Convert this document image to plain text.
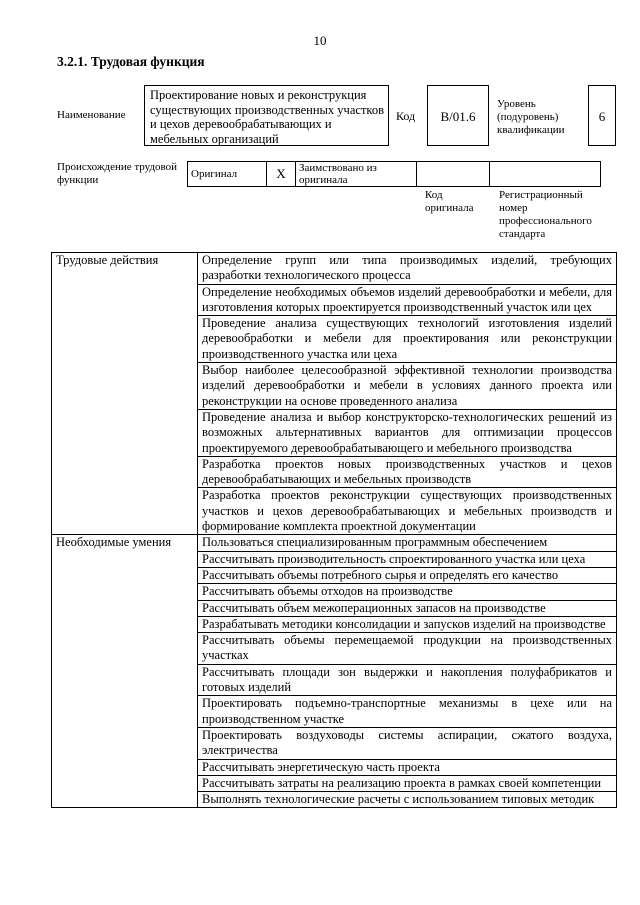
10
3.2.1. Трудовая функция
Наименование
Проектирование новых и реконструкция существующих производственных участков и цехов деревообрабатывающих и мебельных организаций
Код	B/01.6
Уровень (подуровень) квалификации
6
Происхождение трудовой функции	Оригинал	X	Заимствовано из оригинала		
Код оригинала
Регистрационный номер профессионального стандарта
Трудовые действия	Определение групп или типа производимых изделий, требующих разработки технологического процесса
	Определение необходимых объемов изделий деревообработки и мебели, для изготовления которых проектируется производственный участок или цех
	Проведение анализа существующих технологий изготовления изделий деревообработки и мебели для проектирования или реконструкции производственного участка или цеха
	Выбор наиболее целесообразной эффективной технологии производства изделий деревообработки и мебели в условиях данного проекта или реконструкции на основе проведенного анализа
	Проведение анализа и выбор конструкторско-технологических решений из возможных альтернативных вариантов для оптимизации процессов проектируемого деревообрабатывающего и мебельного производства
	Разработка проектов новых производственных участков и цехов деревообрабатывающих и мебельных производств
	Разработка проектов реконструкции существующих производственных участков и цехов деревообрабатывающих и мебельных производств и формирование комплекта проектной документации
Необходимые умения	Пользоваться специализированным программным обеспечением
	Рассчитывать производительность спроектированного участка или цеха
	Рассчитывать объемы потребного сырья и определять его качество
	Рассчитывать объемы отходов на производстве
	Рассчитывать объем межоперационных запасов на производстве
	Разрабатывать методики консолидации и запусков изделий на производстве
	Рассчитывать объемы перемещаемой продукции на производственных участках
	Рассчитывать площади зон выдержки и накопления полуфабрикатов и готовых изделий
	Проектировать подъемно-транспортные механизмы в цехе или на производственном участке
	Проектировать воздуховоды системы аспирации, сжатого воздуха, электричества
	Рассчитывать энергетическую часть проекта
	Рассчитывать затраты на реализацию проекта в рамках своей компетенции
	Выполнять технологические расчеты с использованием типовых методик
